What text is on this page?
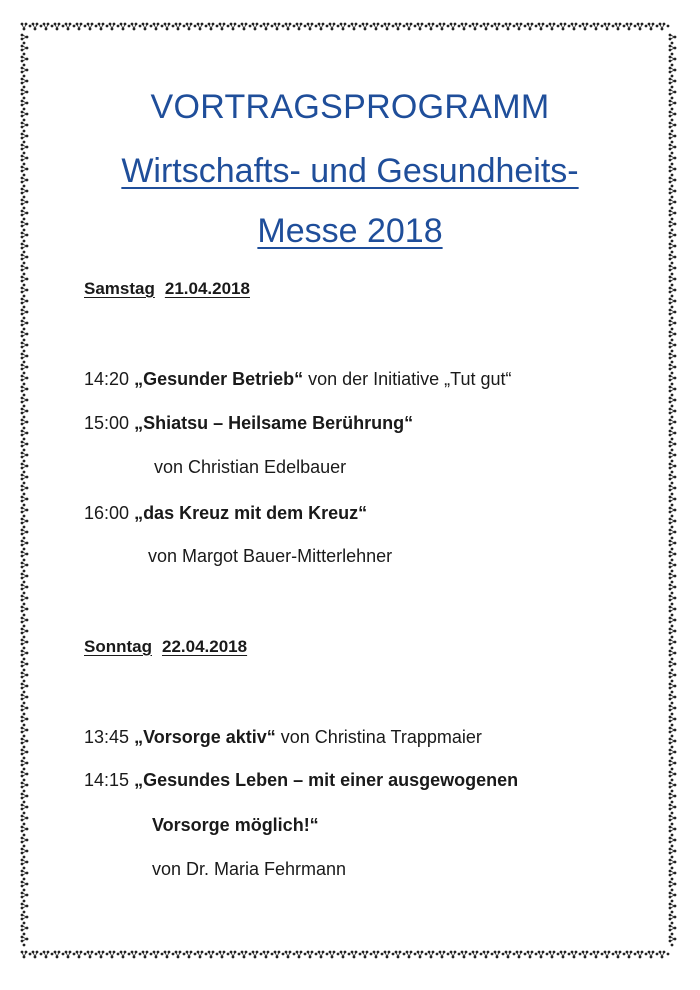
VORTRAGSPROGRAMM
Wirtschafts- und Gesundheits-
Messe 2018
Samstag 21.04.2018
14:20 „Gesunder Betrieb“ von der Initiative „Tut gut“
15:00 „Shiatsu – Heilsame Berührung“
von Christian Edelbauer
16:00 „das Kreuz mit dem Kreuz“
von Margot Bauer-Mitterlehner
Sonntag 22.04.2018
13:45 „Vorsorge aktiv“ von Christina Trappmaier
14:15 „Gesundes Leben – mit einer ausgewogenen
Vorsorge möglich!“
von Dr. Maria Fehrmann
